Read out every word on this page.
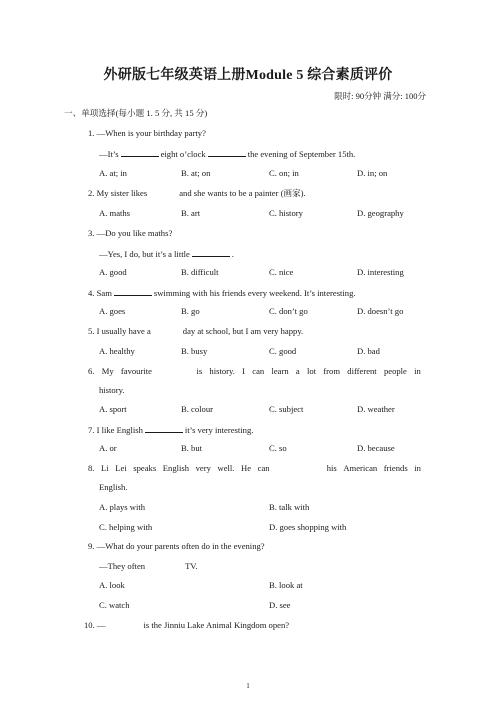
外研版七年级英语上册Module 5 综合素质评价
限时: 90分钟 满分: 100分
一、单项选择(每小题 1. 5 分, 共 15 分)
1. —When is your birthday party?
—It’s	eight o’clock	the evening of September 15th.
A. at; in	B. at; on	C. on; in	D. in; on
2. My sister likes	and she wants to be a painter (画家).
A. maths	B. art	C. history	D. geography
3. —Do you like maths?
—Yes, I do, but it’s a little	.
A. good	B. difficult	C. nice	D. interesting
4. Sam	swimming with his friends every weekend. It’s interesting.
A. goes	B. go	C. don’t go	D. doesn’t go
5. I usually have a	day at school, but I am very happy.
A. healthy	B. busy	C. good	D. bad
6. My favourite	is history. I can learn a lot from different people in
history.
A. sport	B. colour	C. subject	D. weather
7. I like English	it’s very interesting.
A. or	B. but	C. so	D. because
8. Li Lei speaks English very well. He can	his American friends in
English.
A. plays with	B. talk with
C. helping with	D. goes shopping with
9. —What do your parents often do in the evening?
—They often	TV.
A. look	B. look at
C. watch	D. see
10. —	is the Jinniu Lake Animal Kingdom open?
1
